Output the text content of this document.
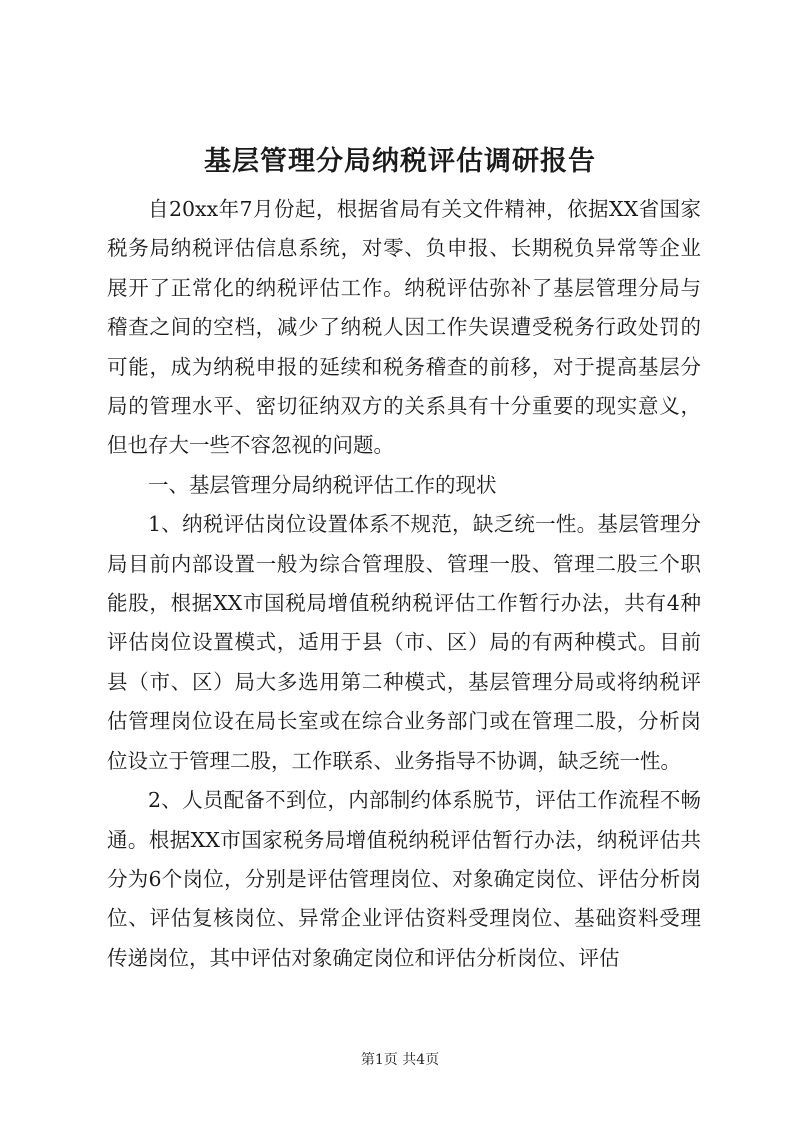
基层管理分局纳税评估调研报告

自20xx年7月份起，根据省局有关文件精神，依据XX省国家税务局纳税评估信息系统，对零、负申报、长期税负异常等企业展开了正常化的纳税评估工作。纳税评估弥补了基层管理分局与稽查之间的空档，减少了纳税人因工作失误遭受税务行政处罚的可能，成为纳税申报的延续和税务稽查的前移，对于提高基层分局的管理水平、密切征纳双方的关系具有十分重要的现实意义，但也存大一些不容忽视的问题。

一、基层管理分局纳税评估工作的现状

1、纳税评估岗位设置体系不规范，缺乏统一性。基层管理分局目前内部设置一般为综合管理股、管理一股、管理二股三个职能股，根据XX市国税局增值税纳税评估工作暂行办法，共有4种评估岗位设置模式，适用于县（市、区）局的有两种模式。目前县（市、区）局大多选用第二种模式，基层管理分局或将纳税评估管理岗位设在局长室或在综合业务部门或在管理二股，分析岗位设立于管理二股，工作联系、业务指导不协调，缺乏统一性。

2、人员配备不到位，内部制约体系脱节，评估工作流程不畅通。根据XX市国家税务局增值税纳税评估暂行办法，纳税评估共分为6个岗位，分别是评估管理岗位、对象确定岗位、评估分析岗位、评估复核岗位、异常企业评估资料受理岗位、基础资料受理传递岗位，其中评估对象确定岗位和评估分析岗位、评估

第1页 共4页
